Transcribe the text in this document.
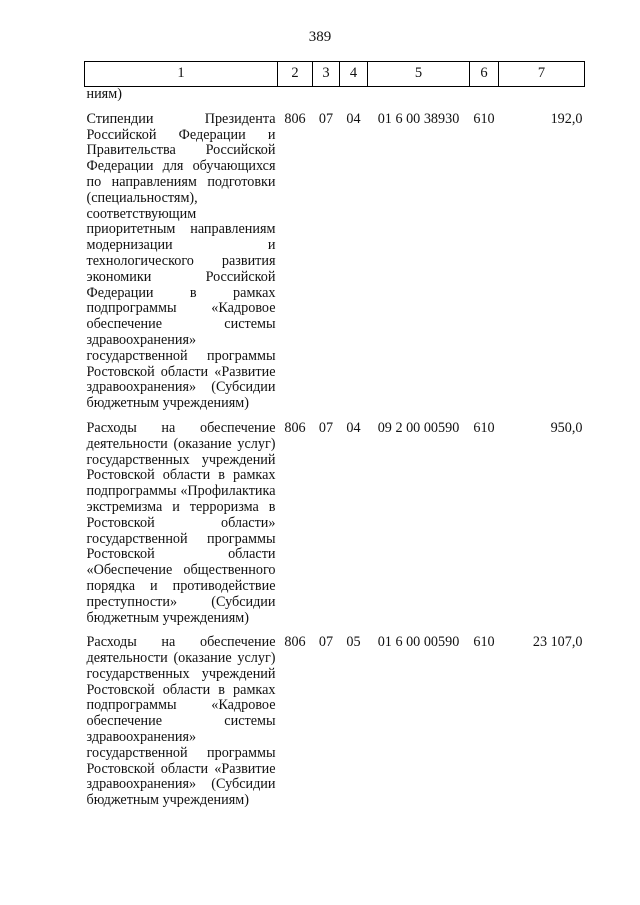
389
1	2	3	4	5	6	7
ниям)						
Стипендии Президента Российской Федерации и Правительства Российской Федерации для обучающихся по направлениям подготовки (специальностям), соответствующим приоритетным направлениям модернизации и технологического развития экономики Российской Федерации в рамках подпрограммы «Кадровое обеспечение системы здравоохранения» государственной программы Ростовской области «Развитие здравоохранения» (Субсидии бюджетным учреждениям)	806	07	04	01 6 00 38930	610	192,0
Расходы на обеспечение деятельности (оказание услуг) государственных учреждений Ростовской области в рамках подпрограммы «Профилактика экстремизма и терроризма в Ростовской области» государственной программы Ростовской области «Обеспечение общественного порядка и противодействие преступности» (Субсидии бюджетным учреждениям)	806	07	04	09 2 00 00590	610	950,0
Расходы на обеспечение деятельности (оказание услуг) государственных учреждений Ростовской области в рамках подпрограммы «Кадровое обеспечение системы здравоохранения» государственной программы Ростовской области «Развитие здравоохранения» (Субсидии бюджетным учреждениям)	806	07	05	01 6 00 00590	610	23 107,0
